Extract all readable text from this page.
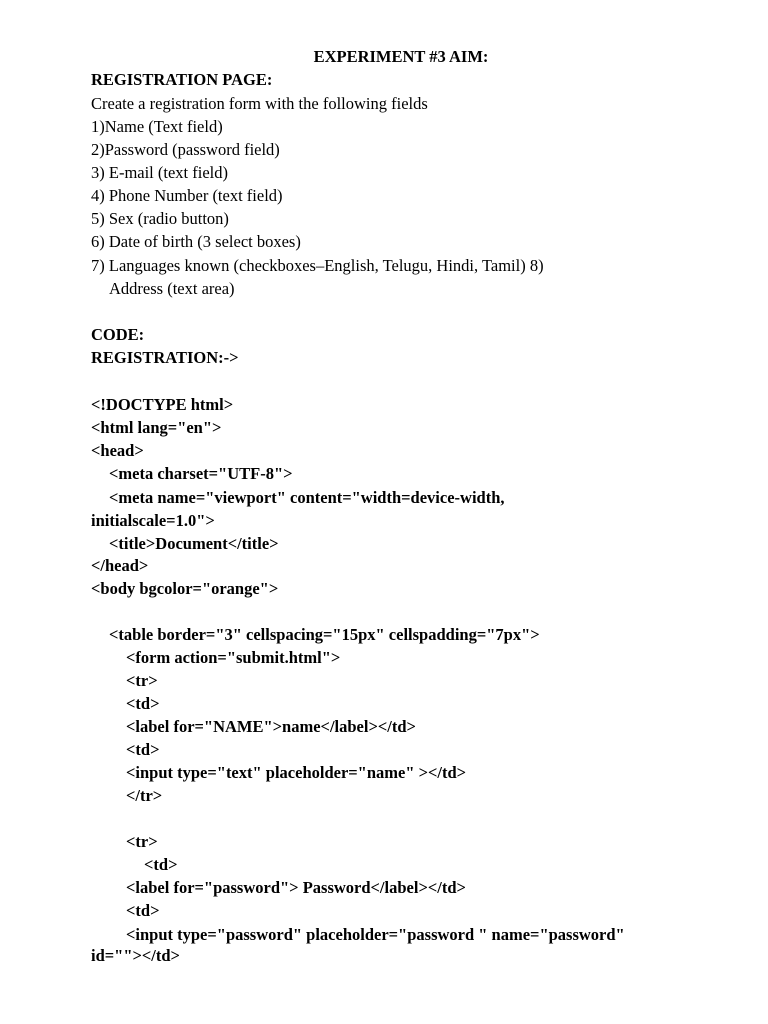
EXPERIMENT #3 AIM:
REGISTRATION PAGE:
Create a registration form with the following fields
1)Name (Text field)
2)Password (password field)
3) E-mail (text field)
4) Phone Number (text field)
5) Sex (radio button)
6) Date of birth (3 select boxes)
7) Languages known (checkboxes–English, Telugu, Hindi, Tamil) 8)
Address (text area)
CODE:
REGISTRATION:->
<!DOCTYPE html>
<html lang="en">
<head>
<meta charset="UTF-8">
<meta name="viewport" content="width=device-width,
initialscale=1.0">
<title>Document</title>
</head>
<body bgcolor="orange">
<table border="3" cellspacing="15px" cellspadding="7px">
<form action="submit.html">
<tr>
<td>
<label for="NAME">name</label></td>
<td>
<input type="text" placeholder="name" ></td>
</tr>
<tr>
<td>
<label for="password"> Password</label></td>
<td>
<input type="password" placeholder="password " name="password"
id=""></td>
